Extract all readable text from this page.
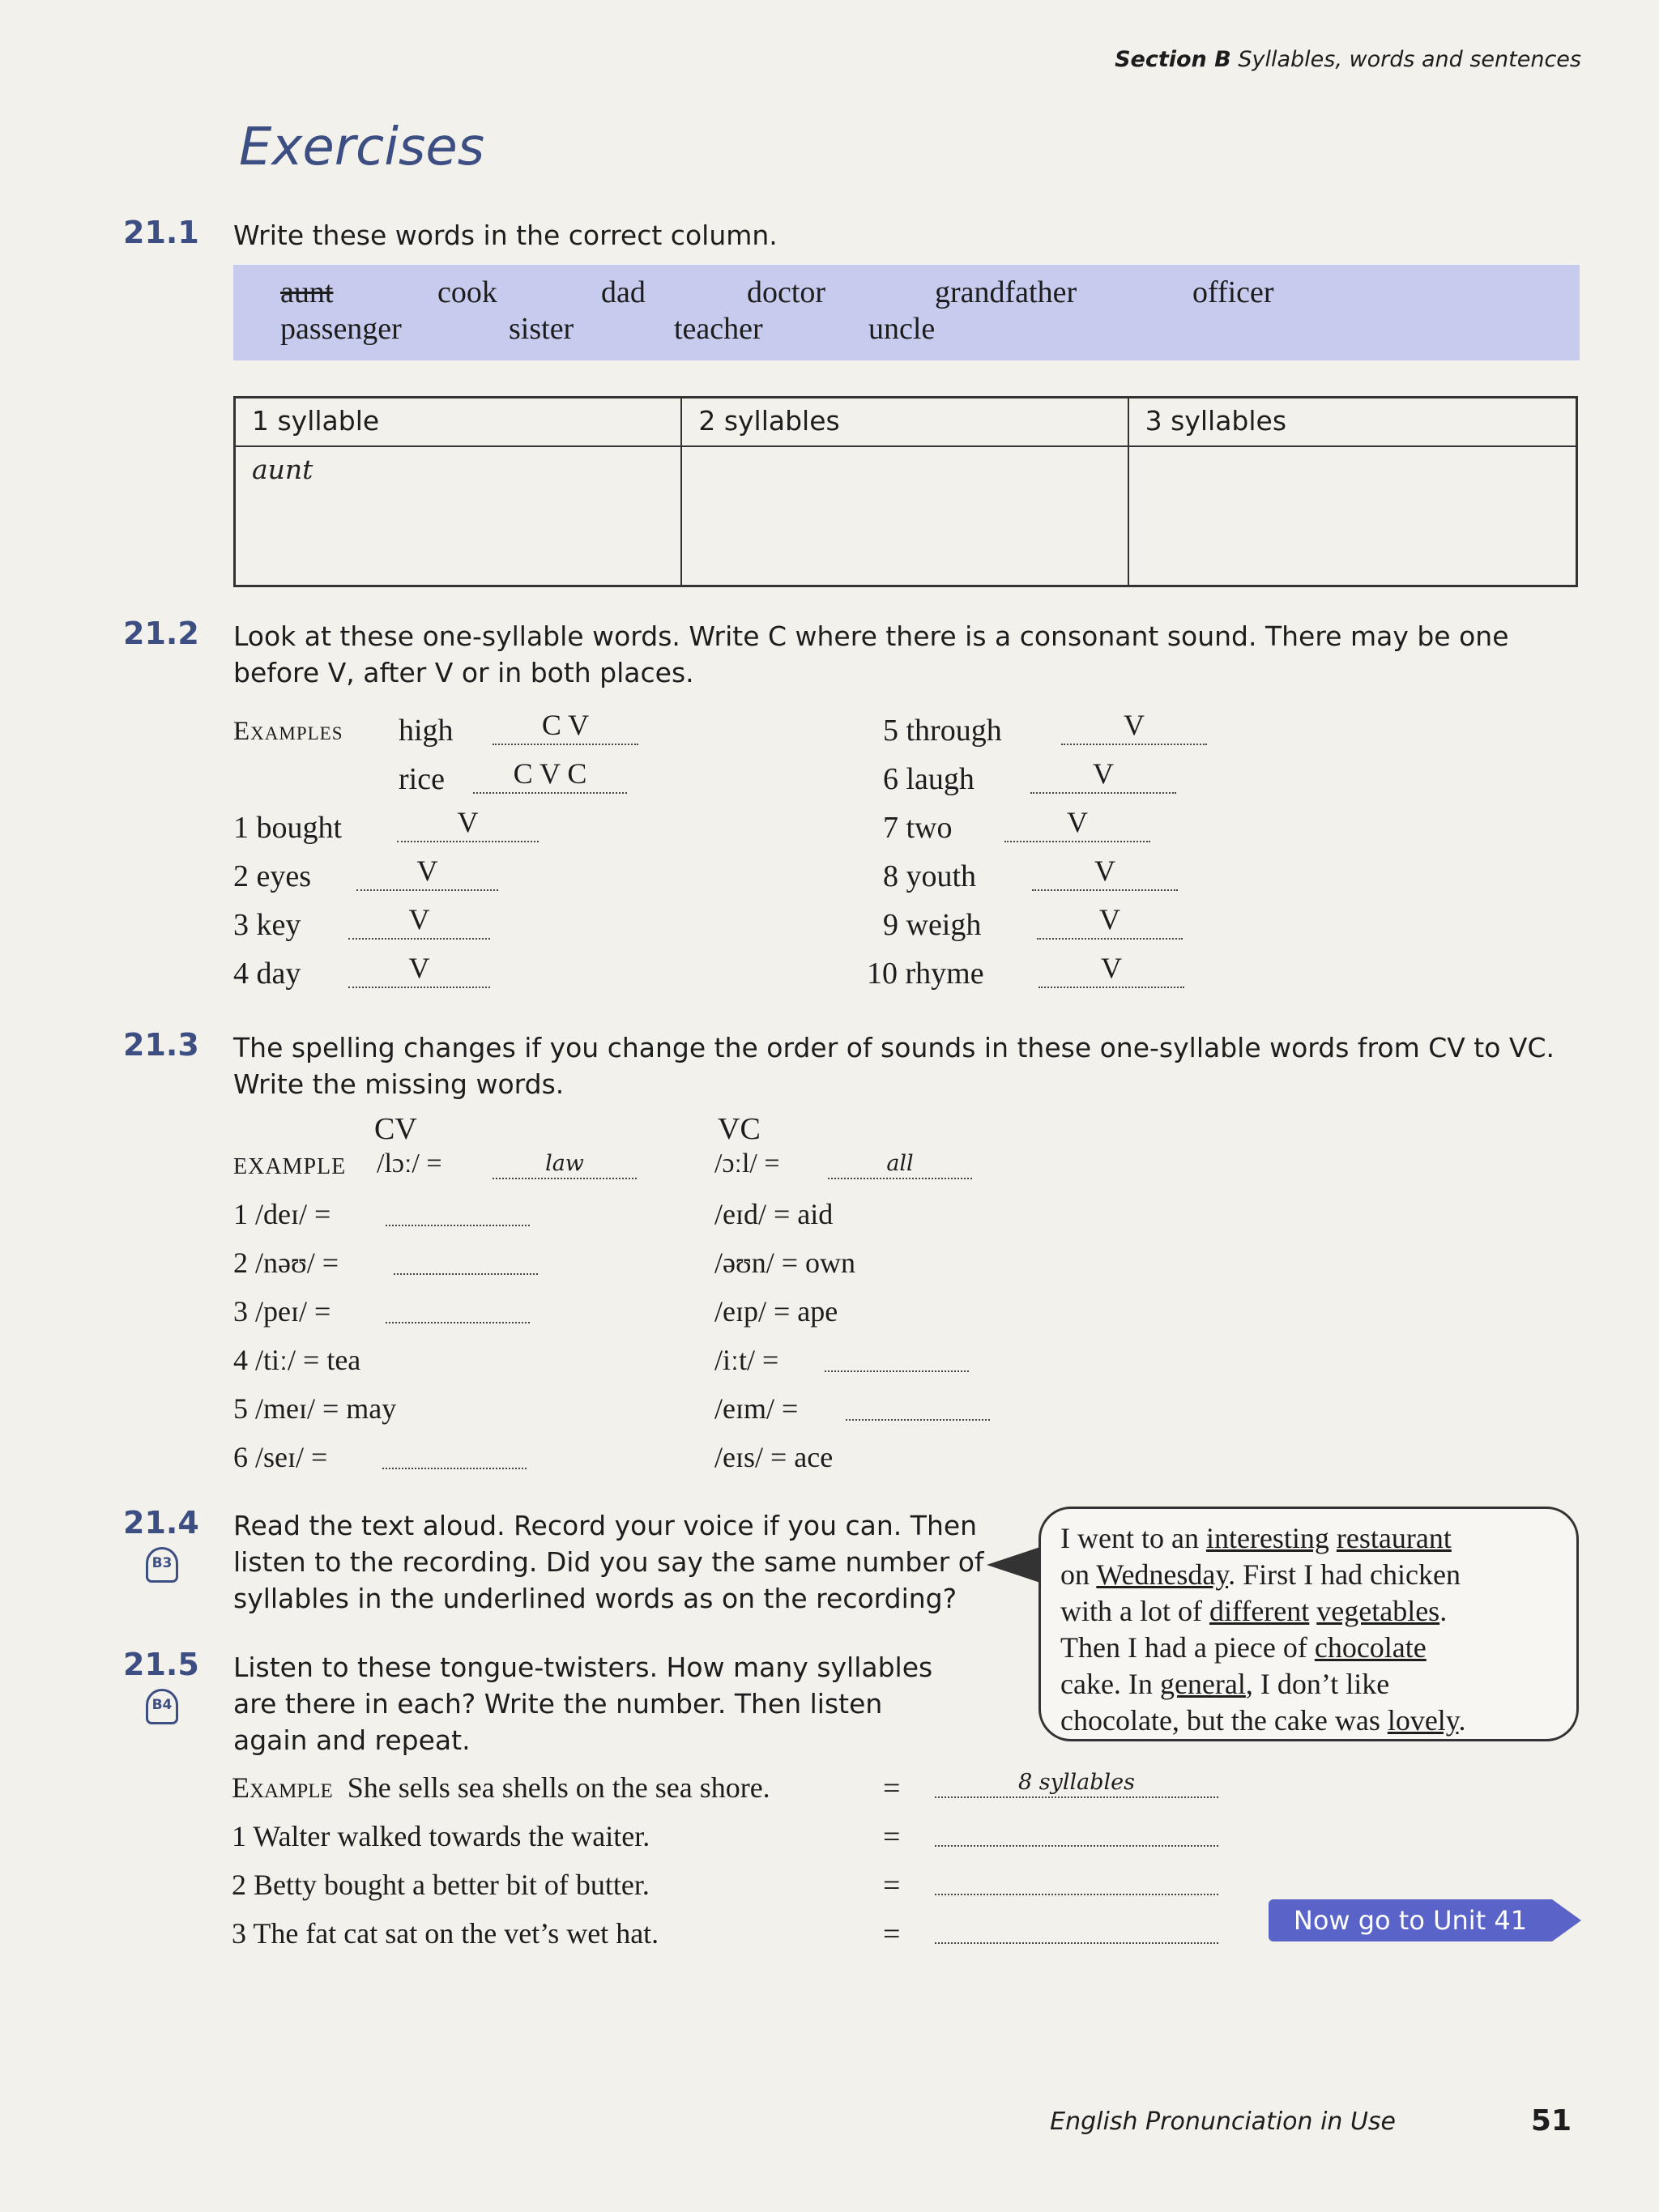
Section B Syllables, words and sentences
Exercises
21.1 Write these words in the correct column.
aunt	cook	dad	doctor	grandfather	officer
passenger	sister	teacher	uncle
1 syllable	2 syllables	3 syllables
aunt
21.2 Look at these one-syllable words. Write C where there is a consonant sound. There may be one before V, after V or in both places.
Examples high	C V
rice	C V C
1 bought	V
2 eyes	V
3 key	V
4 day	V
5 through	V
6 laugh	V
7 two	V
8 youth	V
9 weigh	V
10 rhyme	V
21.3 The spelling changes if you change the order of sounds in these one-syllable words from CV to VC. Write the missing words.
CV	VC
EXAMPLE /lɔː/ =	law	/ɔːl/ =	all
1 /deɪ/ =	/eɪd/ = aid
2 /nəʊ/ =	/əʊn/ = own
3 /peɪ/ =	/eɪp/ = ape
4 /tiː/ = tea	/iːt/ =
5 /meɪ/ = may	/eɪm/ =
6 /seɪ/ =	/eɪs/ = ace
21.4
B3
Read the text aloud. Record your voice if you can. Then listen to the recording. Did you say the same number of syllables in the underlined words as on the recording?

I went to an interesting restaurant

on Wednesday. First I had chicken

with a lot of different vegetables.

Then I had a piece of chocolate

cake. In general, I don’t like

chocolate, but the cake was lovely.

21.5
B4
Listen to these tongue-twisters. How many syllables are there in each? Write the number. Then listen again and repeat.
Example She sells sea shells on the sea shore.	=	8 syllables
1 Walter walked towards the waiter.	=
2 Betty bought a better bit of butter.	=
3 The fat cat sat on the vet’s wet hat.	=	Now go to Unit 41
English Pronunciation in Use	51
